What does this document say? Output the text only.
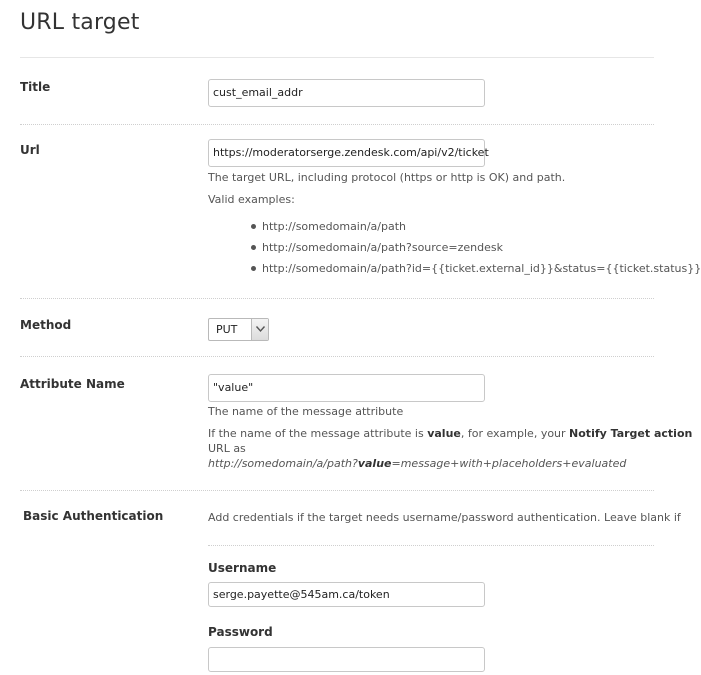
URL target
Title	cust_email_addr
Url	https://moderatorserge.zendesk.com/api/v2/ticket
The target URL, including protocol (https or http is OK) and path.
Valid examples:
http://somedomain/a/path
http://somedomain/a/path?source=zendesk
http://somedomain/a/path?id={{ticket.external_id}}&status={{ticket.status}}
Method	PUT
Attribute Name	"value"
The name of the message attribute
If the name of the message attribute is value, for example, your Notify Target action
URL as
http://somedomain/a/path?value=message+with+placeholders+evaluated
Basic Authentication	Add credentials if the target needs username/password authentication. Leave blank if
Username
serge.payette@545am.ca/token
Password
